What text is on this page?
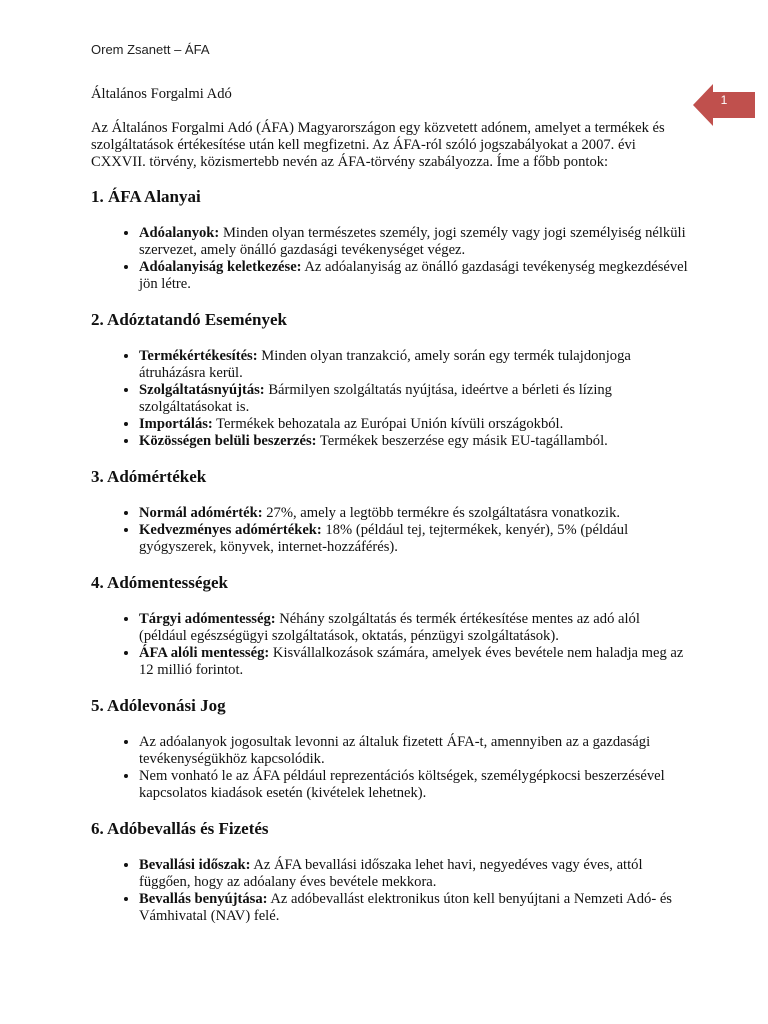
Orem Zsanett – ÁFA
1

Általános Forgalmi Adó

Az Általános Forgalmi Adó (ÁFA) Magyarországon egy közvetett adónem, amelyet a termékek és szolgáltatások értékesítése után kell megfizetni. Az ÁFA-ról szóló jogszabályokat a 2007. évi CXXVII. törvény, közismertebb nevén az ÁFA-törvény szabályozza. Íme a főbb pontok:

1. ÁFA Alanyai
• Adóalanyok: Minden olyan természetes személy, jogi személy vagy jogi személyiség nélküli szervezet, amely önálló gazdasági tevékenységet végez.
• Adóalanyiság keletkezése: Az adóalanyiság az önálló gazdasági tevékenység megkezdésével jön létre.
2. Adóztatandó Események
• Termékértékesítés: Minden olyan tranzakció, amely során egy termék tulajdonjoga átruházásra kerül.
• Szolgáltatásnyújtás: Bármilyen szolgáltatás nyújtása, ideértve a bérleti és lízing szolgáltatásokat is.
• Importálás: Termékek behozatala az Európai Unión kívüli országokból.
• Közösségen belüli beszerzés: Termékek beszerzése egy másik EU-tagállamból.
3. Adómértékek
• Normál adómérték: 27%, amely a legtöbb termékre és szolgáltatásra vonatkozik.
• Kedvezményes adómértékek: 18% (például tej, tejtermékek, kenyér), 5% (például gyógyszerek, könyvek, internet-hozzáférés).
4. Adómentességek
• Tárgyi adómentesség: Néhány szolgáltatás és termék értékesítése mentes az adó alól (például egészségügyi szolgáltatások, oktatás, pénzügyi szolgáltatások).
• ÁFA alóli mentesség: Kisvállalkozások számára, amelyek éves bevétele nem haladja meg az 12 millió forintot.
5. Adólevonási Jog
• Az adóalanyok jogosultak levonni az általuk fizetett ÁFA-t, amennyiben az a gazdasági tevékenységükhöz kapcsolódik.
• Nem vonható le az ÁFA például reprezentációs költségek, személygépkocsi beszerzésével kapcsolatos kiadások esetén (kivételek lehetnek).
6. Adóbevallás és Fizetés
• Bevallási időszak: Az ÁFA bevallási időszaka lehet havi, negyedéves vagy éves, attól függően, hogy az adóalany éves bevétele mekkora.
• Bevallás benyújtása: Az adóbevallást elektronikus úton kell benyújtani a Nemzeti Adó- és Vámhivatal (NAV) felé.
